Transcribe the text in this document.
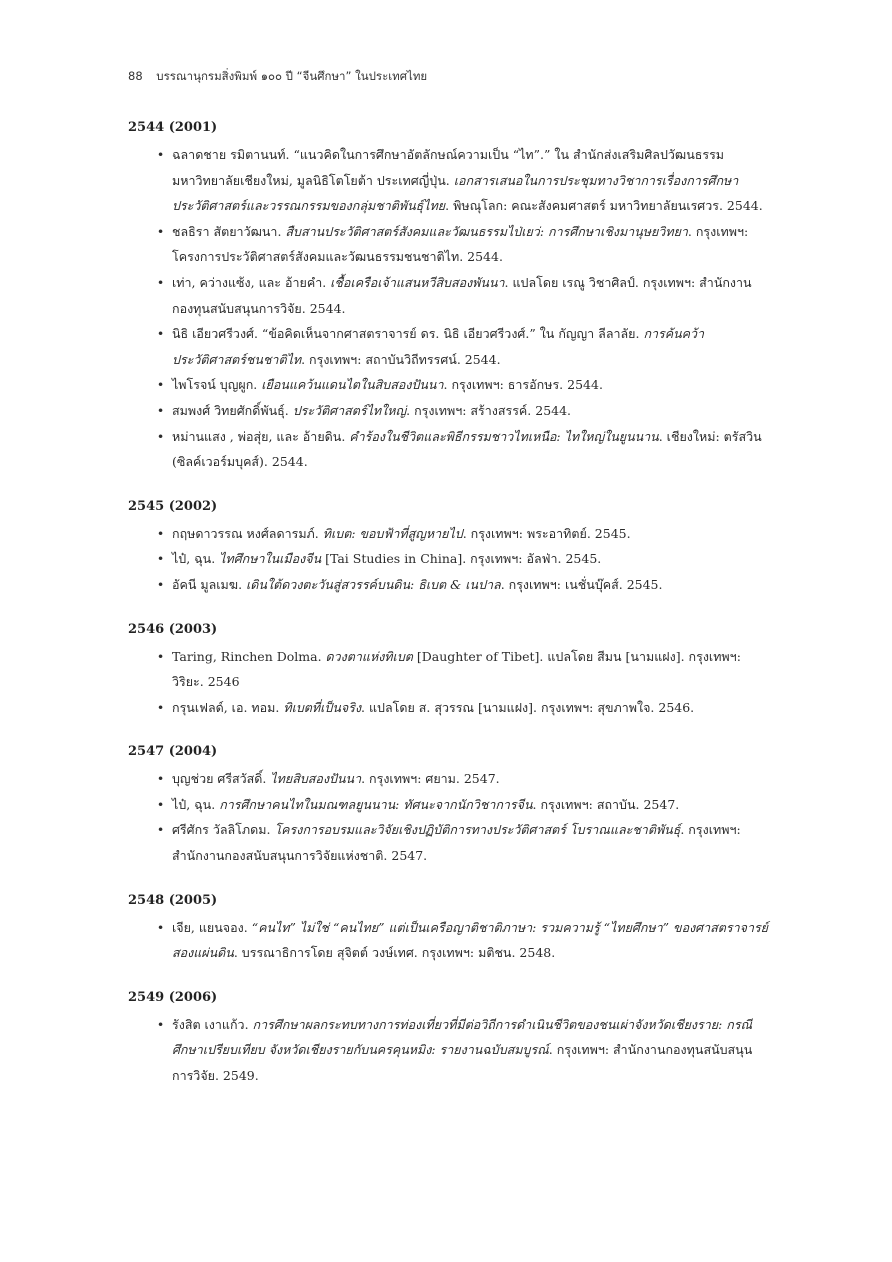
88 บรรณานุกรมสิ่งพิมพ์ ๑๐๐ ปี “จีนศึกษา” ในประเทศไทย
2544 (2001)
• ฉลาดชาย รมิตานนท์. “แนวคิดในการศึกษาอัตลักษณ์ความเป็น “ไท”.” ใน สำนักส่งเสริมศิลปวัฒนธรรม มหาวิทยาลัยเชียงใหม่, มูลนิธิโตโยต้า ประเทศญี่ปุ่น. เอกสารเสนอในการประชุมทางวิชาการเรื่องการศึกษาประวัติศาสตร์และวรรณกรรมของกลุ่มชาติพันธุ์ไทย. พิษณุโลก: คณะสังคมศาสตร์ มหาวิทยาลัยนเรศวร. 2544.
• ชลธิรา สัตยาวัฒนา. สืบสานประวัติศาสตร์สังคมและวัฒนธรรมไป่เยว่: การศึกษาเชิงมานุษยวิทยา. กรุงเทพฯ: โครงการประวัติศาสตร์สังคมและวัฒนธรรมชนชาติไท. 2544.
• เท่า, คว่างแซ้ง, และ อ้ายคำ. เชื้อเครือเจ้าแสนหวีสิบสองพันนา. แปลโดย เรณู วิชาศิลป์. กรุงเทพฯ: สำนักงานกองทุนสนับสนุนการวิจัย. 2544.
• นิธิ เอียวศรีวงศ์. “ข้อคิดเห็นจากศาสตราจารย์ ดร. นิธิ เอียวศรีวงศ์.” ใน กัญญา ลีลาลัย. การค้นคว้าประวัติศาสตร์ชนชาติไท. กรุงเทพฯ: สถาบันวิถีทรรศน์. 2544.
• ไพโรจน์ บุญผูก. เยือนแคว้นแดนไตในสิบสองปันนา. กรุงเทพฯ: ธารอักษร. 2544.
• สมพงศ์ วิทยศักดิ์พันธุ์. ประวัติศาสตร์ไทใหญ่. กรุงเทพฯ: สร้างสรรค์. 2544.
• หม่านแสง , พ่อสุ่ย, และ อ้ายดิน. คำร้องในชีวิตและพิธีกรรมชาวไทเหนือ: ไทใหญ่ในยูนนาน. เชียงใหม่: ตรัสวิน (ซิลค์เวอร์มบุคส์). 2544.
2545 (2002)
• กฤษดาวรรณ หงศ์ลดารมภ์. ทิเบต: ขอบฟ้าที่สูญหายไป. กรุงเทพฯ: พระอาทิตย์. 2545.
• ไป๋, ฉุน. ไทศึกษาในเมืองจีน [Tai Studies in China]. กรุงเทพฯ: อัลฟ่า. 2545.
• อัคนี มูลเมฆ. เดินใต้ดวงตะวันสู่สวรรค์บนดิน: ธิเบต & เนปาล. กรุงเทพฯ: เนชั่นบุ๊คส์. 2545.
2546 (2003)
• Taring, Rinchen Dolma. ดวงตาแห่งทิเบต [Daughter of Tibet]. แปลโดย สีมน [นามแฝง]. กรุงเทพฯ: วิริยะ. 2546
• กรุนเฟลด์, เอ. ทอม. ทิเบตที่เป็นจริง. แปลโดย ส. สุวรรณ [นามแฝง]. กรุงเทพฯ: สุขภาพใจ. 2546.
2547 (2004)
• บุญช่วย ศรีสวัสดิ์. ไทยสิบสองปันนา. กรุงเทพฯ: ศยาม. 2547.
• ไป๋, ฉุน. การศึกษาคนไทในมณฑลยูนนาน: ทัศนะจากนักวิชาการจีน. กรุงเทพฯ: สถาบัน. 2547.
• ศรีศักร วัลลิโภดม. โครงการอบรมและวิจัยเชิงปฏิบัติการทางประวัติศาสตร์ โบราณและชาติพันธุ์. กรุงเทพฯ: สำนักงานกองสนับสนุนการวิจัยแห่งชาติ. 2547.
2548 (2005)
• เจีย, แยนจอง. “คนไท” ไม่ใช่ “คนไทย” แต่เป็นเครือญาติชาติภาษา: รวมความรู้ “ไทยศึกษา” ของศาสตราจารย์สองแผ่นดิน. บรรณาธิการโดย สุจิตต์ วงษ์เทศ. กรุงเทพฯ: มติชน. 2548.
2549 (2006)
• รังสิต เงาแก้ว. การศึกษาผลกระทบทางการท่องเที่ยวที่มีต่อวิถีการดำเนินชีวิตของชนเผ่าจังหวัดเชียงราย: กรณีศึกษาเปรียบเทียบ จังหวัดเชียงรายกับนครคุนหมิง: รายงานฉบับสมบูรณ์. กรุงเทพฯ: สำนักงานกองทุนสนับสนุนการวิจัย. 2549.
